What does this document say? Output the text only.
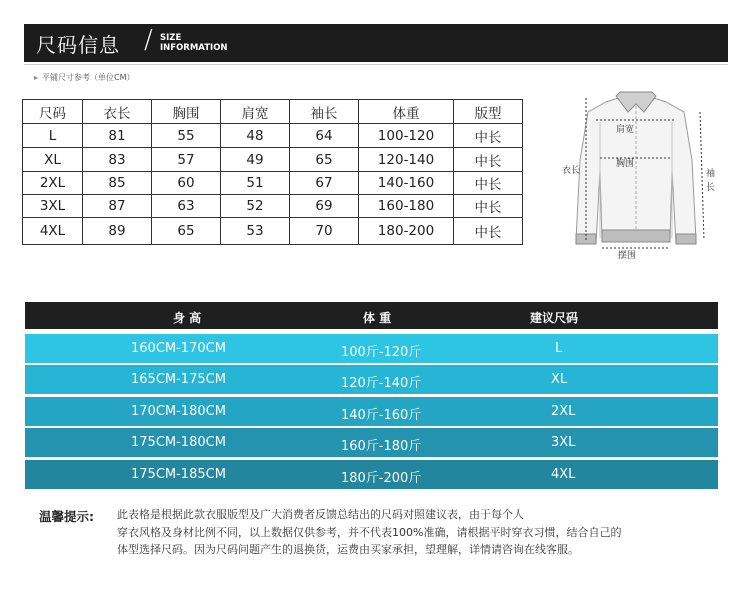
尺码信息 / SIZE
INFORMATION
▸ 平铺尺寸参考（单位CM）
尺码	衣长	胸围	肩宽	袖长	体重	版型
L	81	55	48	64	100-120	中长
XL	83	57	49	65	120-140	中长
2XL	85	60	51	67	140-160	中长
3XL	87	63	52	69	160-180	中长
4XL	89	65	53	70	180-200	中长
肩宽
胸围
衣长	袖
长
摆围
身 高	体 重	建议尺码
160CM-170CM	100斤-120斤	L
165CM-175CM	120斤-140斤	XL
170CM-180CM	140斤-160斤	2XL
175CM-180CM	160斤-180斤	3XL
175CM-185CM	180斤-200斤	4XL
温馨提示: 此表格是根据此款衣服版型及广大消费者反馈总结出的尺码对照建议表，由于每个人
穿衣风格及身材比例不同，以上数据仅供参考，并不代表100%准确，请根据平时穿衣习惯，结合自己的
体型选择尺码。因为尺码问题产生的退换货，运费由买家承担，望理解，详情请咨询在线客服。
